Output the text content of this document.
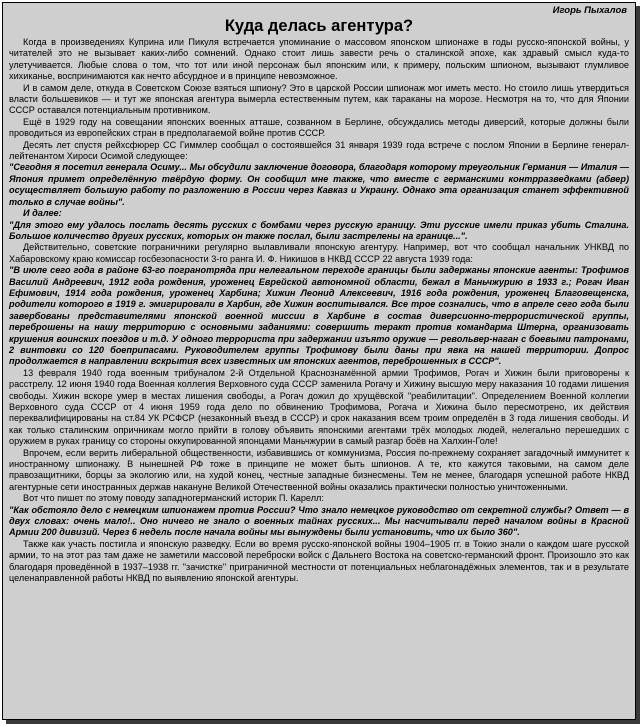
Игорь Пыхалов
Куда делась агентура?

Когда в произведениях Куприна или Пикуля встречается упоминание о массовом японском шпионаже в годы русско-японской войны, у читателей это не вызывает каких-либо сомнений. Однако стоит лишь завести речь о сталинской эпохе, как здравый смысл куда-то улетучивается. Любые слова о том, что тот или иной персонаж был японским или, к примеру, польским шпионом, вызывают глумливое хихиканье, воспринимаются как нечто абсурдное и в принципе невозможное.

И в самом деле, откуда в Советском Союзе взяться шпиону? Это в царской России шпионаж мог иметь место. Но стоило лишь утвердиться власти большевиков — и тут же японская агентура вымерла естественным путем, как тараканы на морозе. Несмотря на то, что для Японии СССР оставался потенциальным противником.

Ещё в 1929 году на совещании японских военных атташе, созванном в Берлине, обсуждались методы диверсий, которые должны были проводиться из европейских стран в предполагаемой войне против СССР.

Десять лет спустя рейхсфюрер СС Гиммлер сообщал о состоявшейся 31 января 1939 года встрече с послом Японии в Берлине генерал-лейтенантом Хироси Осимой следующее:

"Сегодня я посетил генерала Осиму... Мы обсудили заключение договора, благодаря которому треугольник Германия — Италия — Япония примет определённую твёрдую форму. Он сообщил мне также, что вместе с германскими контрразведками (абвер) осуществляет большую работу по разложению в России через Кавказ и Украину. Однако эта организация станет эффективной только в случае войны".

И далее:

"Для этого ему удалось послать десять русских с бомбами через русскую границу. Эти русские имели приказ убить Сталина. Большое количество других русских, которых он также послал, были застрелены на границе...".

Действительно, советские пограничники регулярно вылавливали японскую агентуру. Например, вот что сообщал начальник УНКВД по Хабаровскому краю комиссар госбезопасности 3-го ранга И. Ф. Никишов в НКВД СССР 22 августа 1939 года:

"В июле сего года в районе 63-го погранотряда при нелегальном переходе границы были задержаны японские агенты: Трофимов Василий Андреевич, 1912 года рождения, уроженец Еврейской автономной области, бежал в Маньчжурию в 1933 г.; Рогач Иван Ефимович, 1914 года рождения, уроженец Харбина; Хижин Леонид Алексеевич, 1916 года рождения, уроженец Благовещенска, родители которого в 1919 г. эмигрировали в Харбин, где Хижин воспитывался. Все трое сознались, что в апреле сего года были завербованы представителями японской военной миссии в Харбине в состав диверсионно-террористической группы, переброшены на нашу территорию с основными заданиями: совершить теракт против командарма Штерна, организовать крушения воинских поездов и т.д. У одного террориста при задержании изъято оружие — револьвер-наган с боевыми патронами, 2 винтовки со 120 боеприпасами. Руководителем группы Трофимову были даны при явка на нашей территории. Допрос продолжается в направлении вскрытия всех известных им японских агентов, переброшенных в СССР".

13 февраля 1940 года военным трибуналом 2-й Отдельной Краснознамённой армии Трофимов, Рогач и Хижин были приговорены к расстрелу. 12 июня 1940 года Военная коллегия Верховного суда СССР заменила Рогачу и Хижину высшую меру наказания 10 годами лишения свободы. Хижин вскоре умер в местах лишения свободы, а Рогач дожил до хрущёвской "реабилитации". Определением Военной коллегии Верховного суда СССР от 4 июня 1959 года дело по обвинению Трофимова, Рогача и Хижина было пересмотрено, их действия переквалифицированы на ст.84 УК РСФСР (незаконный въезд в СССР) и срок наказания всем троим определён в 3 года лишения свободы. И как только сталинским опричникам могло прийти в голову объявить японскими агентами трёх молодых людей, нелегально перешедших с оружием в руках границу со стороны оккупированной японцами Маньчжурии в самый разгар боёв на Халхин-Голе!

Впрочем, если верить либеральной общественности, избавившись от коммунизма, Россия по-прежнему сохраняет загадочный иммунитет к иностранному шпионажу. В нынешней РФ тоже в принципе не может быть шпионов. А те, кто кажутся таковыми, на самом деле правозащитники, борцы за экологию или, на худой конец, честные западные бизнесмены. Тем не менее, благодаря успешной работе НКВД агентурные сети иностранных держав накануне Великой Отечественной войны оказались практически полностью уничтоженными.

Вот что пишет по этому поводу западногерманский историк П. Карелл:

"Как обстояло дело с немецким шпионажем против России? Что знало немецкое руководство от секретной службы? Ответ — в двух словах: очень мало!.. Оно ничего не знало о военных тайнах русских... Мы насчитывали перед началом войны в Красной Армии 200 дивизий. Через 6 недель после начала войны мы вынуждены были установить, что их было 360".

Также как участь постигла и японскую разведку. Если во время русско-японской войны 1904–1905 гг. в Токио знали о каждом шаге русской армии, то на этот раз там даже не заметили массовой переброски войск с Дальнего Востока на советско-германский фронт. Произошло это как благодаря проведённой в 1937–1938 гг. "зачистке" приграничной местности от потенциальных неблагонадёжных элементов, так и в результате целенаправленной работы НКВД по выявлению японской агентуры.
